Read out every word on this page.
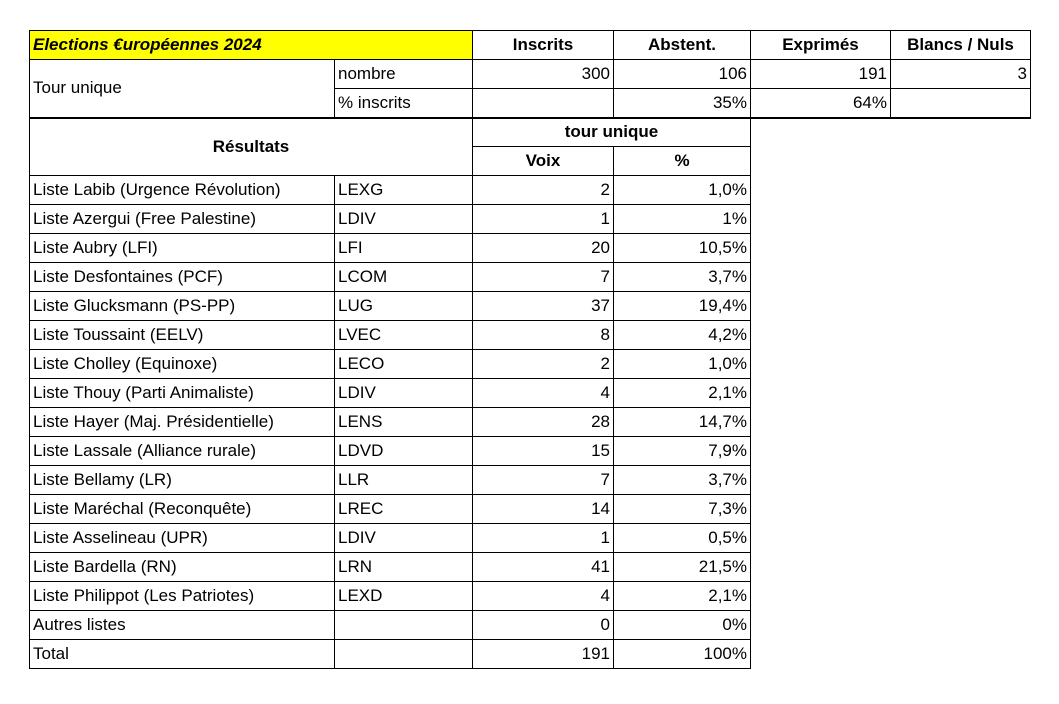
Elections €uropéennes 2024		Inscrits	Abstent.	Exprimés	Blancs / Nuls
Tour unique	nombre	300	106	191	3
	% inscrits		35%	64%	
Résultats		tour unique			
		Voix	%		
Liste Labib (Urgence Révolution)	LEXG	2	1,0%		
Liste Azergui (Free Palestine)	LDIV	1	1%		
Liste Aubry (LFI)	LFI	20	10,5%		
Liste Desfontaines (PCF)	LCOM	7	3,7%		
Liste Glucksmann (PS-PP)	LUG	37	19,4%		
Liste Toussaint (EELV)	LVEC	8	4,2%		
Liste Cholley (Equinoxe)	LECO	2	1,0%		
Liste Thouy (Parti Animaliste)	LDIV	4	2,1%		
Liste Hayer (Maj. Présidentielle)	LENS	28	14,7%		
Liste Lassale (Alliance rurale)	LDVD	15	7,9%		
Liste Bellamy (LR)	LLR	7	3,7%		
Liste Maréchal (Reconquête)	LREC	14	7,3%		
Liste Asselineau (UPR)	LDIV	1	0,5%		
Liste Bardella (RN)	LRN	41	21,5%		
Liste Philippot (Les Patriotes)	LEXD	4	2,1%		
Autres listes		0	0%		
Total		191	100%		
